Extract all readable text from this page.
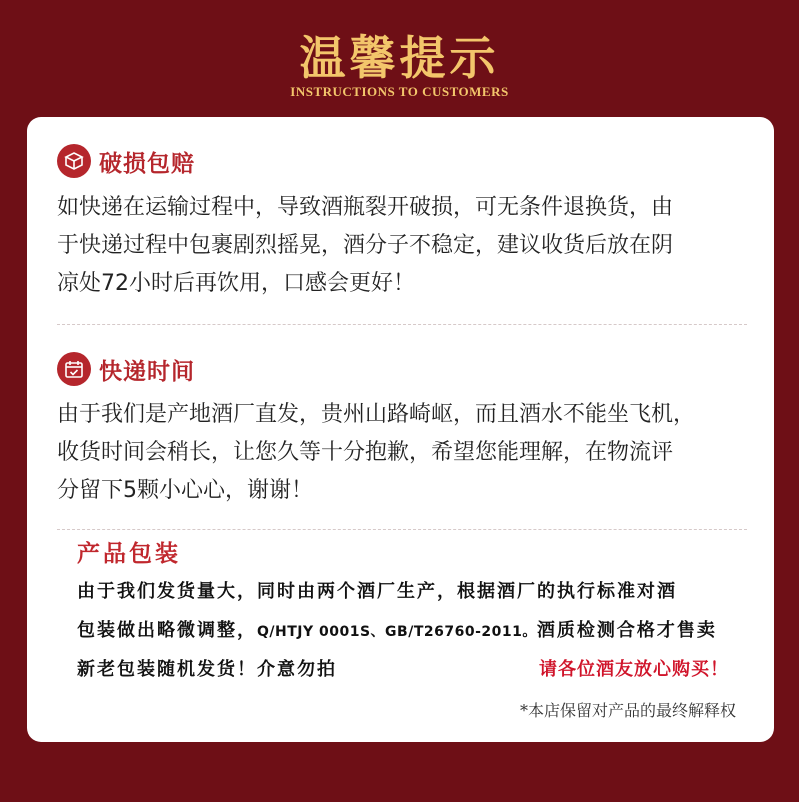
温馨提示
INSTRUCTIONS TO CUSTOMERS
破损包赔
如快递在运输过程中，导致酒瓶裂开破损，可无条件退换货，由
于快递过程中包裹剧烈摇晃，酒分子不稳定，建议收货后放在阴
凉处72小时后再饮用，口感会更好！
快递时间
由于我们是产地酒厂直发，贵州山路崎岖，而且酒水不能坐飞机，
收货时间会稍长，让您久等十分抱歉，希望您能理解，在物流评
分留下5颗小心心，谢谢！
产品包装
由于我们发货量大，同时由两个酒厂生产，根据酒厂的执行标准对酒
包装做出略微调整，Q/HTJY 0001S、GB/T26760-2011。酒质检测合格才售卖
新老包装随机发货！介意勿拍	请各位酒友放心购买！
*本店保留对产品的最终解释权
